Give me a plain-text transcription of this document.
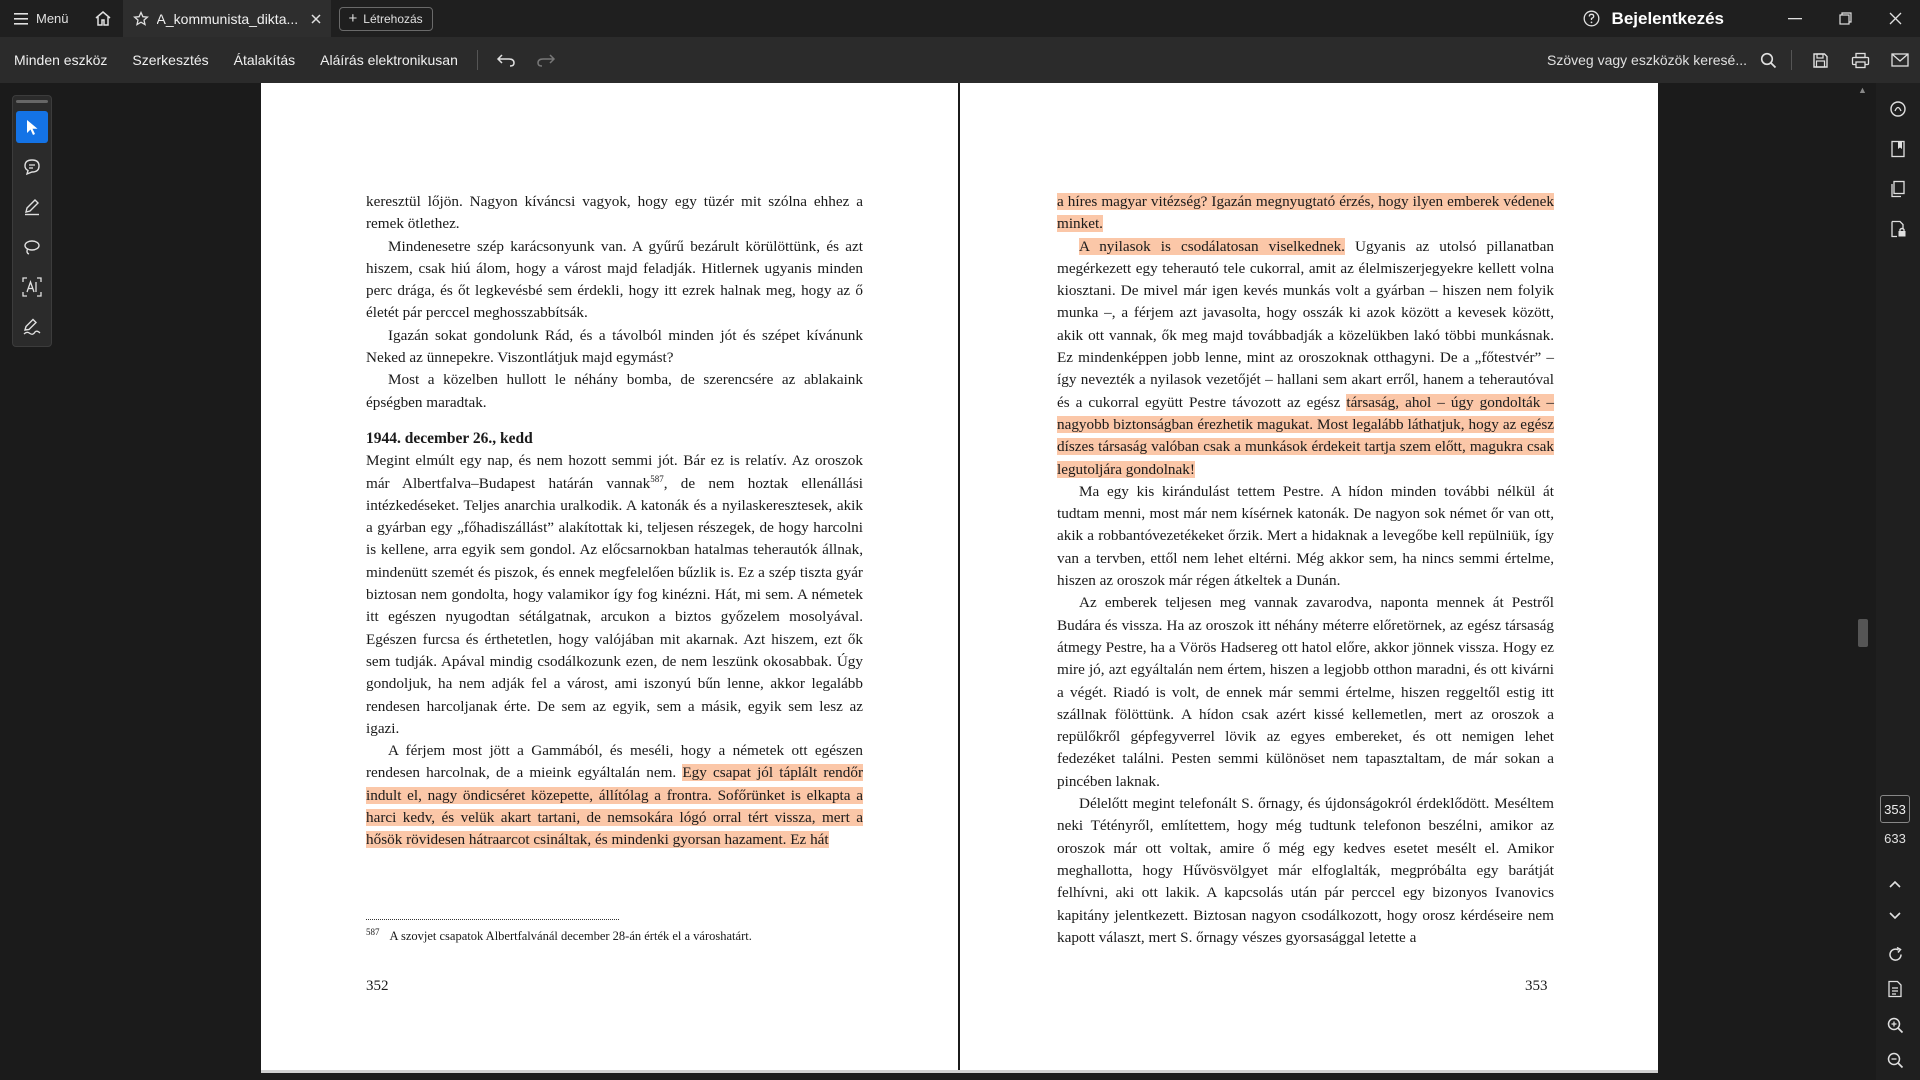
Menü	A_kommunista_dikta...	+ Létrehozás	Bejelentkezés
Minden eszköz	Szerkesztés	Átalakítás	Aláírás elektronikusan	Szöveg vagy eszközök keresé...

keresztül lőjön. Nagyon kíváncsi vagyok, hogy egy tüzér mit szólna ehhez a remek ötlethez.

Mindenesetre szép karácsonyunk van. A gyűrű bezárult körülöttünk, és azt hiszem, csak hiú álom, hogy a várost majd feladják. Hitlernek ugyanis minden perc drága, és őt legkevésbé sem érdekli, hogy itt ezrek halnak meg, hogy az ő életét pár perccel meghosszabbítsák.

Igazán sokat gondolunk Rád, és a távolból minden jót és szépet kívánunk Neked az ünnepekre. Viszontlátjuk majd egymást?

Most a közelben hullott le néhány bomba, de szerencsére az ablakaink épségben maradtak.

1944. december 26., kedd

Megint elmúlt egy nap, és nem hozott semmi jót. Bár ez is relatív. Az oroszok már Albertfalva–Budapest határán vannak$^{587}$, de nem hoztak ellenállási intézkedéseket. Teljes anarchia uralkodik. A katonák és a nyilaskeresztesek, akik a gyárban egy „főhadiszállást” alakítottak ki, teljesen részegek, de hogy harcolni is kellene, arra egyik sem gondol. Az előcsarnokban hatalmas teherautók állnak, mindenütt szemét és piszok, és ennek megfelelően bűzlik is. Ez a szép tiszta gyár biztosan nem gondolta, hogy valamikor így fog kinézni. Hát, mi sem. A németek itt egészen nyugodtan sétálgatnak, arcukon a biztos győzelem mosolyával. Egészen furcsa és érthetetlen, hogy valójában mit akarnak. Azt hiszem, ezt ők sem tudják. Apával mindig csodálkozunk ezen, de nem leszünk okosabbak. Úgy gondoljuk, ha nem adják fel a várost, ami iszonyú bűn lenne, akkor legalább rendesen harcoljanak érte. De sem az egyik, sem a másik, egyik sem lesz az igazi.

A férjem most jött a Gammából, és meséli, hogy a németek ott egészen rendesen harcolnak, de a mieink egyáltalán nem. Egy csapat jól táplált rendőr indult el, nagy öndicséret közepette, állítólag a frontra. Sofőrünket is elkapta a harci kedv, és velük akart tartani, de nemsokára lógó orral tért vissza, mert a hősök rövidesen hátraarcot csináltak, és mindenki gyorsan hazament. Ez hát

$^{587}$ A szovjet csapatok Albertfalvánál december 28-án érték el a városhatárt.
352

a híres magyar vitézség? Igazán megnyugtató érzés, hogy ilyen emberek védenek minket.

A nyilasok is csodálatosan viselkednek. Ugyanis az utolsó pillanatban megérkezett egy teherautó tele cukorral, amit az élelmiszerjegyekre kellett volna kiosztani. De mivel már igen kevés munkás volt a gyárban – hiszen nem folyik munka –, a férjem azt javasolta, hogy osszák ki azok között a kevesek között, akik ott vannak, ők meg majd továbbadják a közelükben lakó többi munkásnak. Ez mindenképpen jobb lenne, mint az oroszoknak otthagyni. De a „főtestvér” – így nevezték a nyilasok vezetőjét – hallani sem akart erről, hanem a teherautóval és a cukorral együtt Pestre távozott az egész társaság, ahol – úgy gondolták – nagyobb biztonságban érezhetik magukat. Most legalább láthatjuk, hogy az egész díszes társaság valóban csak a munkások érdekeit tartja szem előtt, magukra csak legutoljára gondolnak!

Ma egy kis kirándulást tettem Pestre. A hídon minden további nélkül át tudtam menni, most már nem kísérnek katonák. De nagyon sok német őr van ott, akik a robbantóvezetékeket őrzik. Mert a hidaknak a levegőbe kell repülniük, így van a tervben, ettől nem lehet eltérni. Még akkor sem, ha nincs semmi értelme, hiszen az oroszok már régen átkeltek a Dunán.

Az emberek teljesen meg vannak zavarodva, naponta mennek át Pestről Budára és vissza. Ha az oroszok itt néhány méterre előretörnek, az egész társaság átmegy Pestre, ha a Vörös Hadsereg ott hatol előre, akkor jönnek vissza. Hogy ez mire jó, azt egyáltalán nem értem, hiszen a legjobb otthon maradni, és ott kivárni a végét. Riadó is volt, de ennek már semmi értelme, hiszen reggeltől estig itt szállnak fölöttünk. A hídon csak azért kissé kellemetlen, mert az oroszok a repülőkről gépfegyverrel lövik az egyes embereket, és ott nemigen lehet fedezéket találni. Pesten semmi különöset nem tapasztaltam, de már sokan a pincében laknak.

Délelőtt megint telefonált S. őrnagy, és újdonságokról érdeklődött. Meséltem neki Tétényről, említettem, hogy még tudtunk telefonon beszélni, amikor az oroszok már ott voltak, amire ő még egy kedves esetet mesélt el. Amikor meghallotta, hogy Hűvösvölgyet már elfoglalták, megpróbálta egy barátját felhívni, aki ott lakik. A kapcsolás után pár perccel egy bizonyos Ivanovics kapitány jelentkezett. Biztosan nagyon csodálkozott, hogy orosz kérdéseire nem kapott választ, mert S. őrnagy vészes gyorsasággal letette a

353
▲
353
633
